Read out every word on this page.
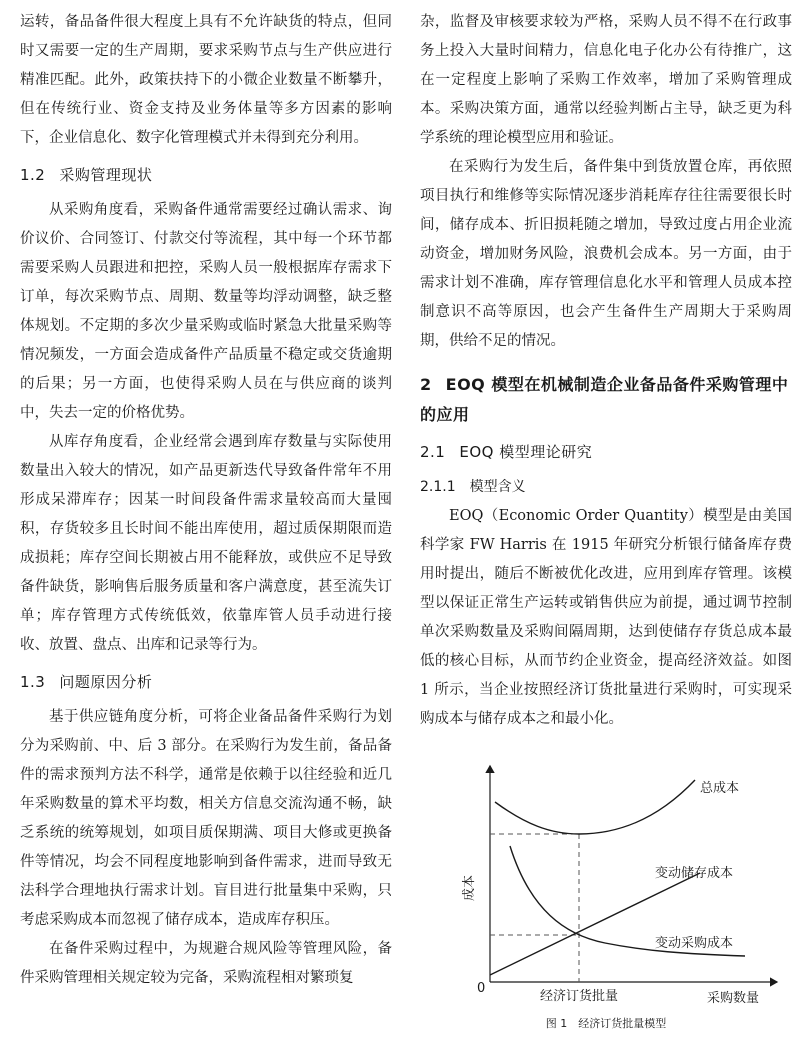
运转，备品备件很大程度上具有不允许缺货的特点，但同时又需要一定的生产周期，要求采购节点与生产供应进行精准匹配。此外，政策扶持下的小微企业数量不断攀升，但在传统行业、资金支持及业务体量等多方因素的影响下，企业信息化、数字化管理模式并未得到充分利用。

1.2 采购管理现状

从采购角度看，采购备件通常需要经过确认需求、询价议价、合同签订、付款交付等流程，其中每一个环节都需要采购人员跟进和把控，采购人员一般根据库存需求下订单，每次采购节点、周期、数量等均浮动调整，缺乏整体规划。不定期的多次少量采购或临时紧急大批量采购等情况频发，一方面会造成备件产品质量不稳定或交货逾期的后果；另一方面，也使得采购人员在与供应商的谈判中，失去一定的价格优势。

从库存角度看，企业经常会遇到库存数量与实际使用数量出入较大的情况，如产品更新迭代导致备件常年不用形成呆滞库存；因某一时间段备件需求量较高而大量囤积，存货较多且长时间不能出库使用，超过质保期限而造成损耗；库存空间长期被占用不能释放，或供应不足导致备件缺货，影响售后服务质量和客户满意度，甚至流失订单；库存管理方式传统低效，依靠库管人员手动进行接收、放置、盘点、出库和记录等行为。

1.3 问题原因分析

基于供应链角度分析，可将企业备品备件采购行为划分为采购前、中、后 3 部分。在采购行为发生前，备品备件的需求预判方法不科学，通常是依赖于以往经验和近几年采购数量的算术平均数，相关方信息交流沟通不畅，缺乏系统的统筹规划，如项目质保期满、项目大修或更换备件等情况，均会不同程度地影响到备件需求，进而导致无法科学合理地执行需求计划。盲目进行批量集中采购，只考虑采购成本而忽视了储存成本，造成库存积压。

在备件采购过程中，为规避合规风险等管理风险，备件采购管理相关规定较为完备，采购流程相对繁琐复

杂，监督及审核要求较为严格，采购人员不得不在行政事务上投入大量时间精力，信息化电子化办公有待推广，这在一定程度上影响了采购工作效率，增加了采购管理成本。采购决策方面，通常以经验判断占主导，缺乏更为科学系统的理论模型应用和验证。

在采购行为发生后，备件集中到货放置仓库，再依照项目执行和维修等实际情况逐步消耗库存往往需要很长时间，储存成本、折旧损耗随之增加，导致过度占用企业流动资金，增加财务风险，浪费机会成本。另一方面，由于需求计划不准确，库存管理信息化水平和管理人员成本控制意识不高等原因，也会产生备件生产周期大于采购周期，供给不足的情况。

2 EOQ 模型在机械制造企业备品备件采购管理中的应用
2.1 EOQ 模型理论研究
2.1.1 模型含义

EOQ（Economic Order Quantity）模型是由美国科学家 FW Harris 在 1915 年研究分析银行储备库存费用时提出，随后不断被优化改进，应用到库存管理。该模型以保证正常生产运转或销售供应为前提，通过调节控制单次采购数量及采购间隔周期，达到使储存存货总成本最低的核心目标，从而节约企业资金，提高经济效益。如图 1 所示，当企业按照经济订货批量进行采购时，可实现采购成本与储存成本之和最小化。

成本
0
经济订货批量	采购数量
总成本
变动储存成本
变动采购成本
图 1　经济订货批量模型
